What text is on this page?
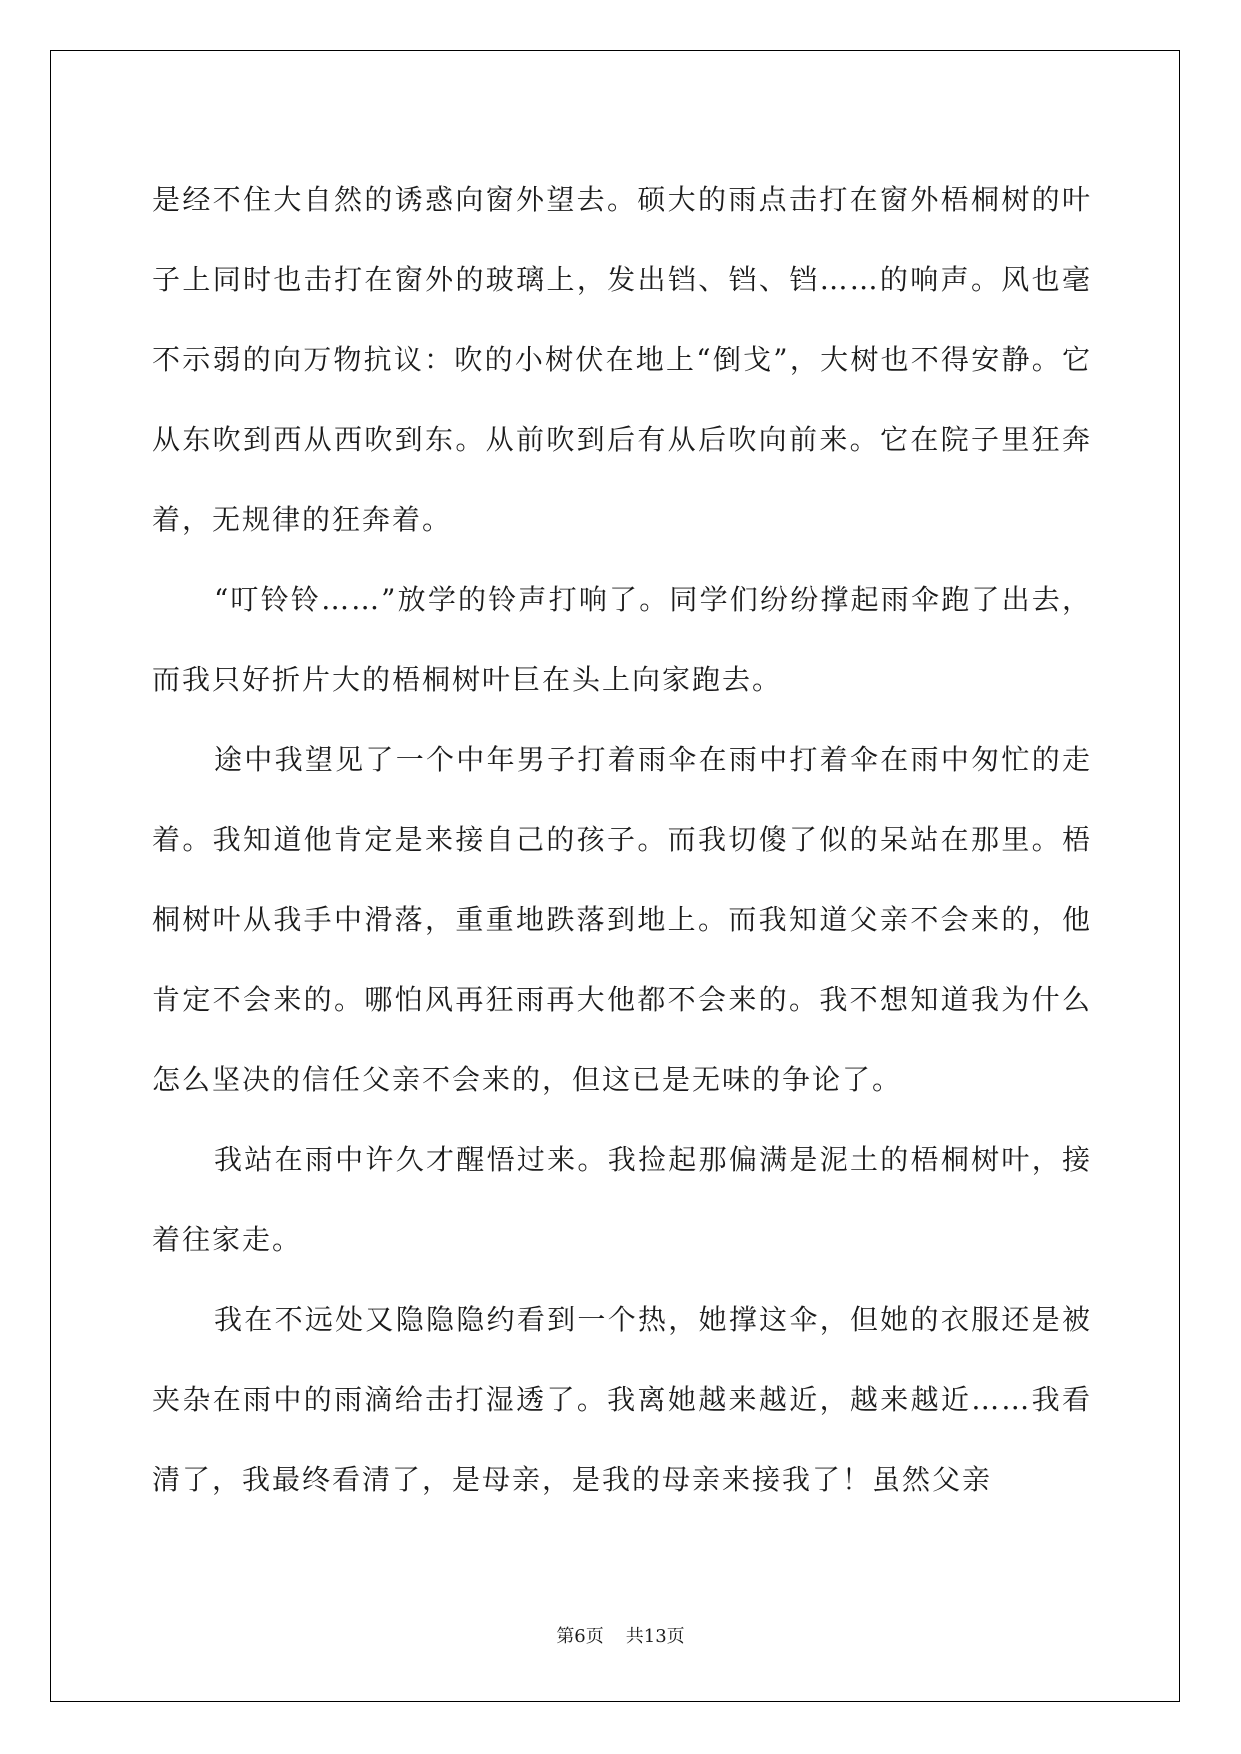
是经不住大自然的诱惑向窗外望去。硕大的雨点击打在窗外梧桐树的叶子上同时也击打在窗外的玻璃上，发出铛、铛、铛……的响声。风也毫不示弱的向万物抗议：吹的小树伏在地上“倒戈”，大树也不得安静。它从东吹到西从西吹到东。从前吹到后有从后吹向前来。它在院子里狂奔着，无规律的狂奔着。

“叮铃铃……”放学的铃声打响了。同学们纷纷撑起雨伞跑了出去，而我只好折片大的梧桐树叶巨在头上向家跑去。

途中我望见了一个中年男子打着雨伞在雨中打着伞在雨中匆忙的走着。我知道他肯定是来接自己的孩子。而我切傻了似的呆站在那里。梧桐树叶从我手中滑落，重重地跌落到地上。而我知道父亲不会来的，他肯定不会来的。哪怕风再狂雨再大他都不会来的。我不想知道我为什么怎么坚决的信任父亲不会来的，但这已是无味的争论了。

我站在雨中许久才醒悟过来。我捡起那偏满是泥土的梧桐树叶，接着往家走。

我在不远处又隐隐隐约看到一个热，她撑这伞，但她的衣服还是被夹杂在雨中的雨滴给击打湿透了。我离她越来越近，越来越近……我看清了，我最终看清了，是母亲，是我的母亲来接我了！虽然父亲

第6页 共13页
